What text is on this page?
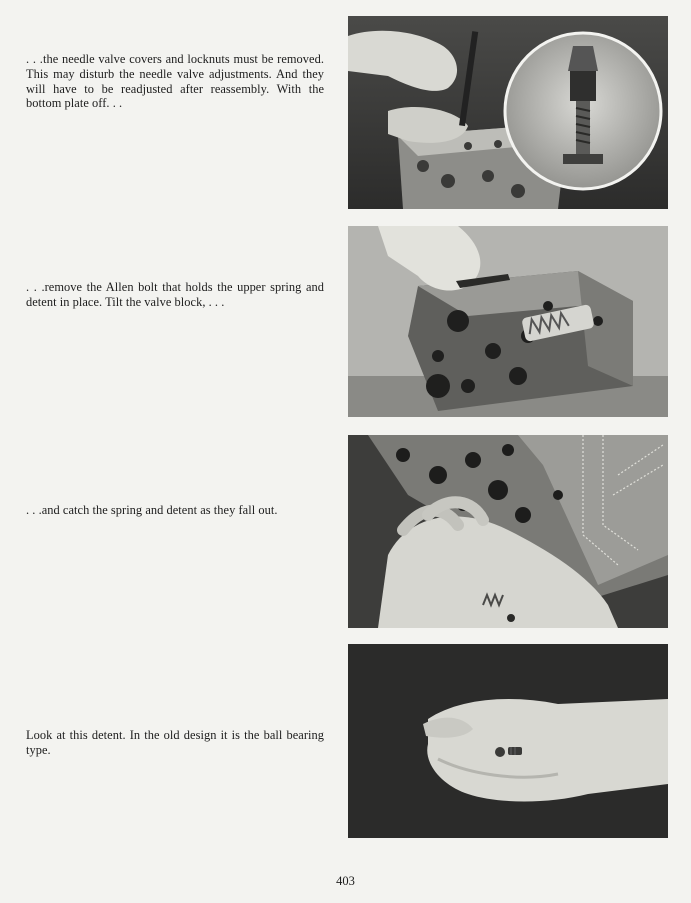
. . .the needle valve covers and locknuts must be removed. This may disturb the needle valve adjustments. And they will have to be readjusted after reassembly. With the bottom plate off. . .

. . .remove the Allen bolt that holds the upper spring and detent in place. Tilt the valve block, . . .

. . .and catch the spring and detent as they fall out.

Look at this detent. In the old design it is the ball bearing type.

403
